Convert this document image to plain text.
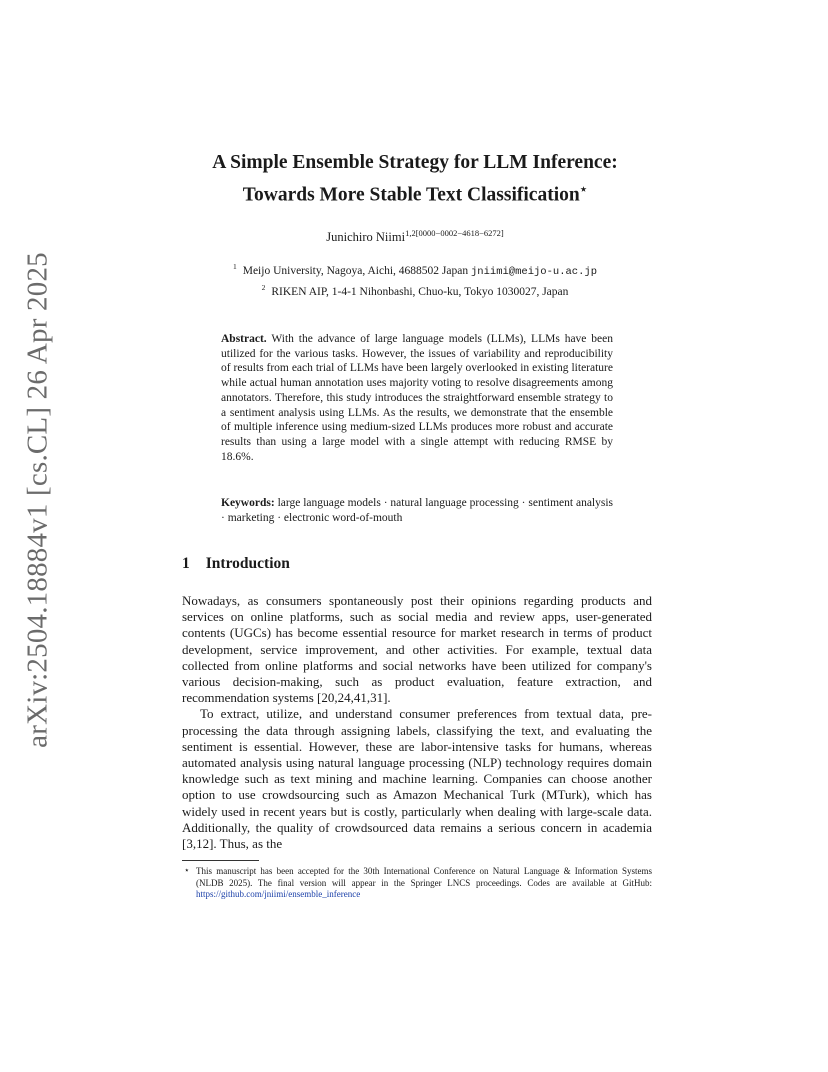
arXiv:2504.18884v1 [cs.CL] 26 Apr 2025
A Simple Ensemble Strategy for LLM Inference:
Towards More Stable Text Classification⋆
Junichiro Niimi$^{1,2[0000-0002-4618-6272]}$
$^1$ Meijo University, Nagoya, Aichi, 4688502 Japan jniimi@meijo-u.ac.jp
$^2$ RIKEN AIP, 1-4-1 Nihonbashi, Chuo-ku, Tokyo 1030027, Japan
Abstract. With the advance of large language models (LLMs), LLMs have been utilized for the various tasks. However, the issues of variability and reproducibility of results from each trial of LLMs have been largely overlooked in existing literature while actual human annotation uses majority voting to resolve disagreements among annotators. Therefore, this study introduces the straightforward ensemble strategy to a sentiment analysis using LLMs. As the results, we demonstrate that the ensemble of multiple inference using medium-sized LLMs produces more robust and accurate results than using a large model with a single attempt with reducing RMSE by 18.6%.
Keywords: large language models · natural language processing · sentiment analysis · marketing · electronic word-of-mouth
1 Introduction

Nowadays, as consumers spontaneously post their opinions regarding products and services on online platforms, such as social media and review apps, user-generated contents (UGCs) has become essential resource for market research in terms of product development, service improvement, and other activities. For example, textual data collected from online platforms and social networks have been utilized for company's various decision-making, such as product evaluation, feature extraction, and recommendation systems [20,24,41,31].

To extract, utilize, and understand consumer preferences from textual data, pre-processing the data through assigning labels, classifying the text, and evaluating the sentiment is essential. However, these are labor-intensive tasks for humans, whereas automated analysis using natural language processing (NLP) technology requires domain knowledge such as text mining and machine learning. Companies can choose another option to use crowdsourcing such as Amazon Mechanical Turk (MTurk), which has widely used in recent years but is costly, particularly when dealing with large-scale data. Additionally, the quality of crowdsourced data remains a serious concern in academia [3,12]. Thus, as the

⋆ This manuscript has been accepted for the 30th International Conference on Natural Language & Information Systems (NLDB 2025). The final version will appear in the Springer LNCS proceedings. Codes are available at GitHub: https://github.com/jniimi/ensemble_inference
